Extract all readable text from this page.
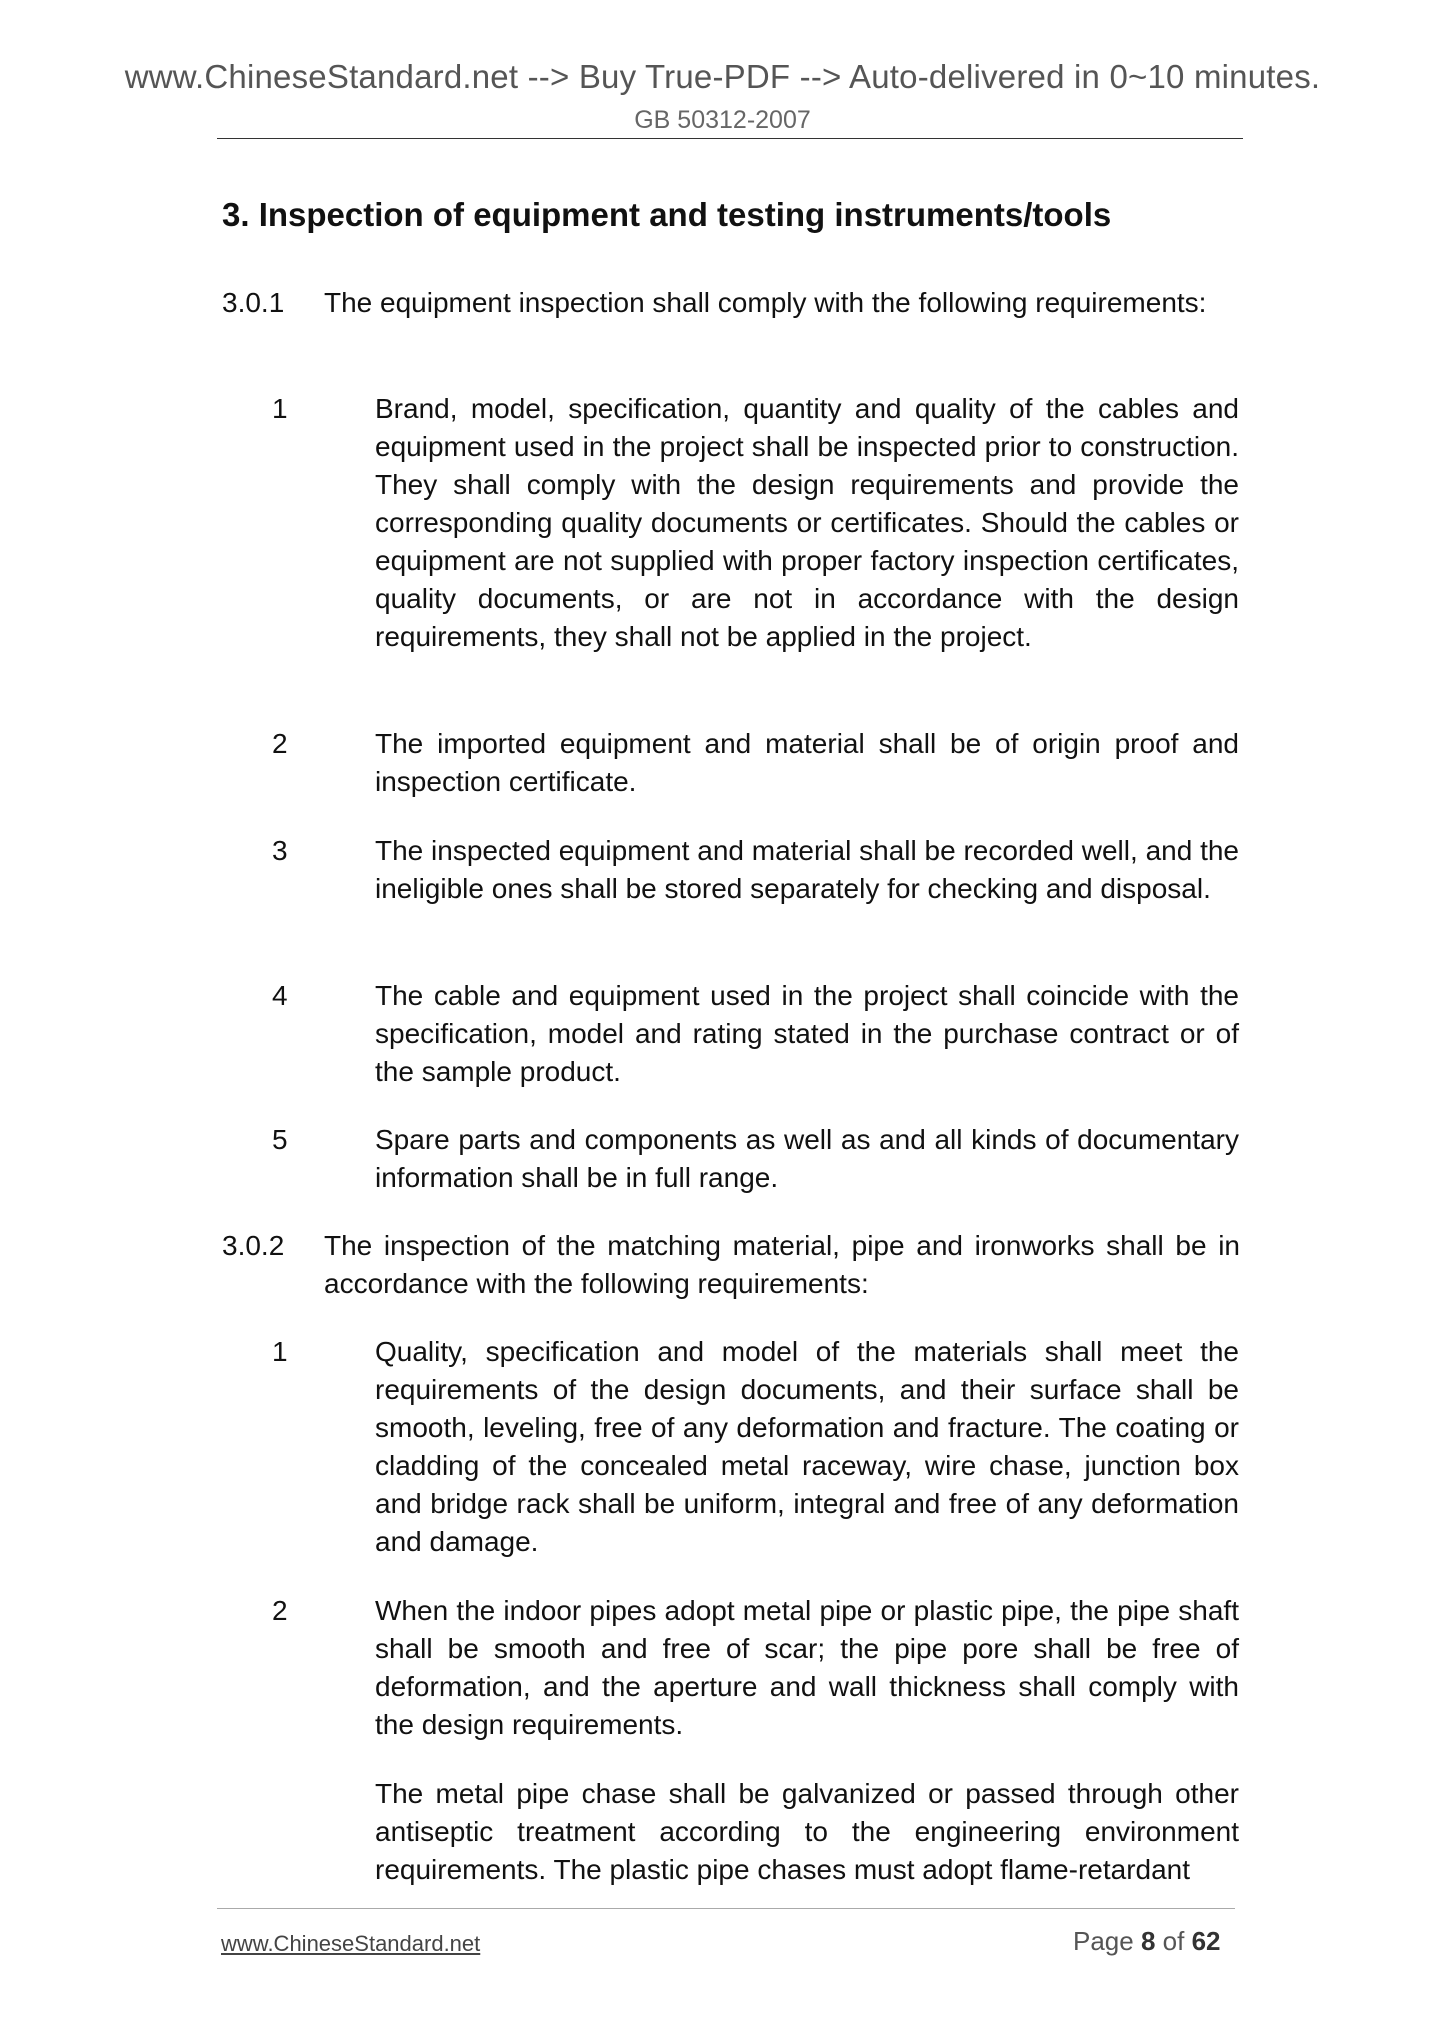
www.ChineseStandard.net --> Buy True-PDF --> Auto-delivered in 0~10 minutes.
GB 50312-2007
3. Inspection of equipment and testing instruments/tools
3.0.1 The equipment inspection shall comply with the following requirements:
1	Brand, model, specification, quantity and quality of the cables and equipment used in the project shall be inspected prior to construction. They shall comply with the design requirements and provide the corresponding quality documents or certificates. Should the cables or equipment are not supplied with proper factory inspection certificates, quality documents, or are not in accordance with the design requirements, they shall not be applied in the project.
2	The imported equipment and material shall be of origin proof and inspection certificate.
3	The inspected equipment and material shall be recorded well, and the ineligible ones shall be stored separately for checking and disposal.
4	The cable and equipment used in the project shall coincide with the specification, model and rating stated in the purchase contract or of the sample product.
5	Spare parts and components as well as and all kinds of documentary information shall be in full range.
3.0.2 The inspection of the matching material, pipe and ironworks shall be in accordance with the following requirements:
1	Quality, specification and model of the materials shall meet the requirements of the design documents, and their surface shall be smooth, leveling, free of any deformation and fracture. The coating or cladding of the concealed metal raceway, wire chase, junction box and bridge rack shall be uniform, integral and free of any deformation and damage.
2	When the indoor pipes adopt metal pipe or plastic pipe, the pipe shaft shall be smooth and free of scar; the pipe pore shall be free of deformation, and the aperture and wall thickness shall comply with the design requirements.
The metal pipe chase shall be galvanized or passed through other antiseptic treatment according to the engineering environment requirements. The plastic pipe chases must adopt flame-retardant
www.ChineseStandard.net	Page 8 of 62
